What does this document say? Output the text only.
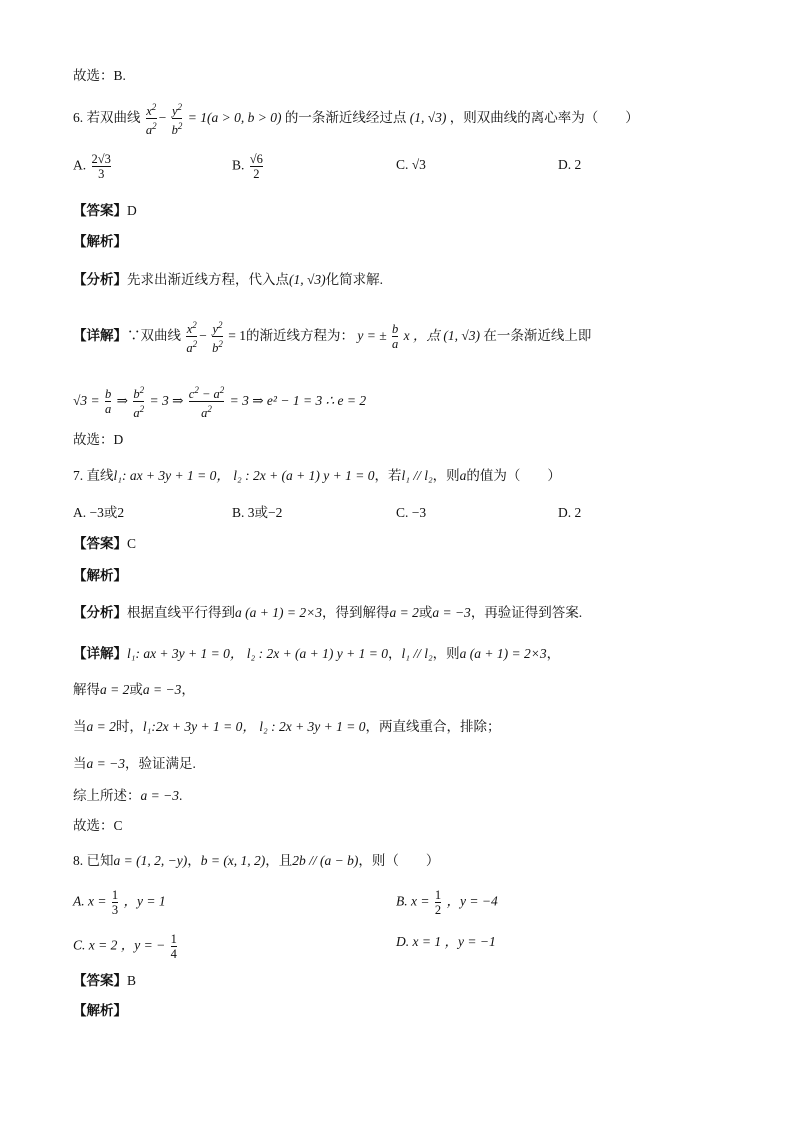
故选：B.
6. 若双曲线 $\frac{x^2}{a^2} - \frac{y^2}{b^2} = 1(a > 0$, b > 0) 的一条渐近线经过点 (1, √3) ，则双曲线的离心率为（　　）
A. $\frac{2√3}{3}$	B. $\frac{√6}{2}$	C. √3	D. 2
【答案】D
【解析】
【分析】先求出渐近线方程，代入点(1, √3)化简求解.
【详解】∵双曲线 $\frac{x^2}{a^2} - \frac{y^2}{b^2} = 1$的渐近线方程为： y = ± $\frac{b}{a}$ x ，点 (1, √3) 在一条渐近线上即
$√3 = \frac{b}{a}$ ⇒ $\frac{b^2}{a^2} = 3$ ⇒ $\frac{c^2 - a^2}{a^2} = 3$ ⇒ e² − 1 = 3 ∴ e = 2
故选：D
7. 直线l₁: ax + 3y + 1 = 0， l₂ : 2x + (a + 1) y + 1 = 0，若l₁ // l₂，则a的值为（　　）
A. −3或2	B. 3或−2	C. −3	D. 2
【答案】C
【解析】
【分析】根据直线平行得到a (a + 1) = 2×3，得到解得a = 2或a = −3，再验证得到答案.
【详解】l₁: ax + 3y + 1 = 0， l₂ : 2x + (a + 1) y + 1 = 0，l₁ // l₂，则a (a + 1) = 2×3，
解得a = 2或a = −3，
当a = 2时，l₁:2x + 3y + 1 = 0， l₂ : 2x + 3y + 1 = 0，两直线重合，排除；
当a = −3，验证满足.
综上所述：a = −3.
故选：C
8. 已知a = (1, 2, −y)，b = (x, 1, 2)，且2b // (a − b)，则（　　）
A. $x = \frac{1}{3}$ ，y = 1	B. $x = \frac{1}{2}$ ，y = −4
C. x = 2 ，y = − $\frac{1}{4}$	D. x = 1 ，y = −1
【答案】B
【解析】
